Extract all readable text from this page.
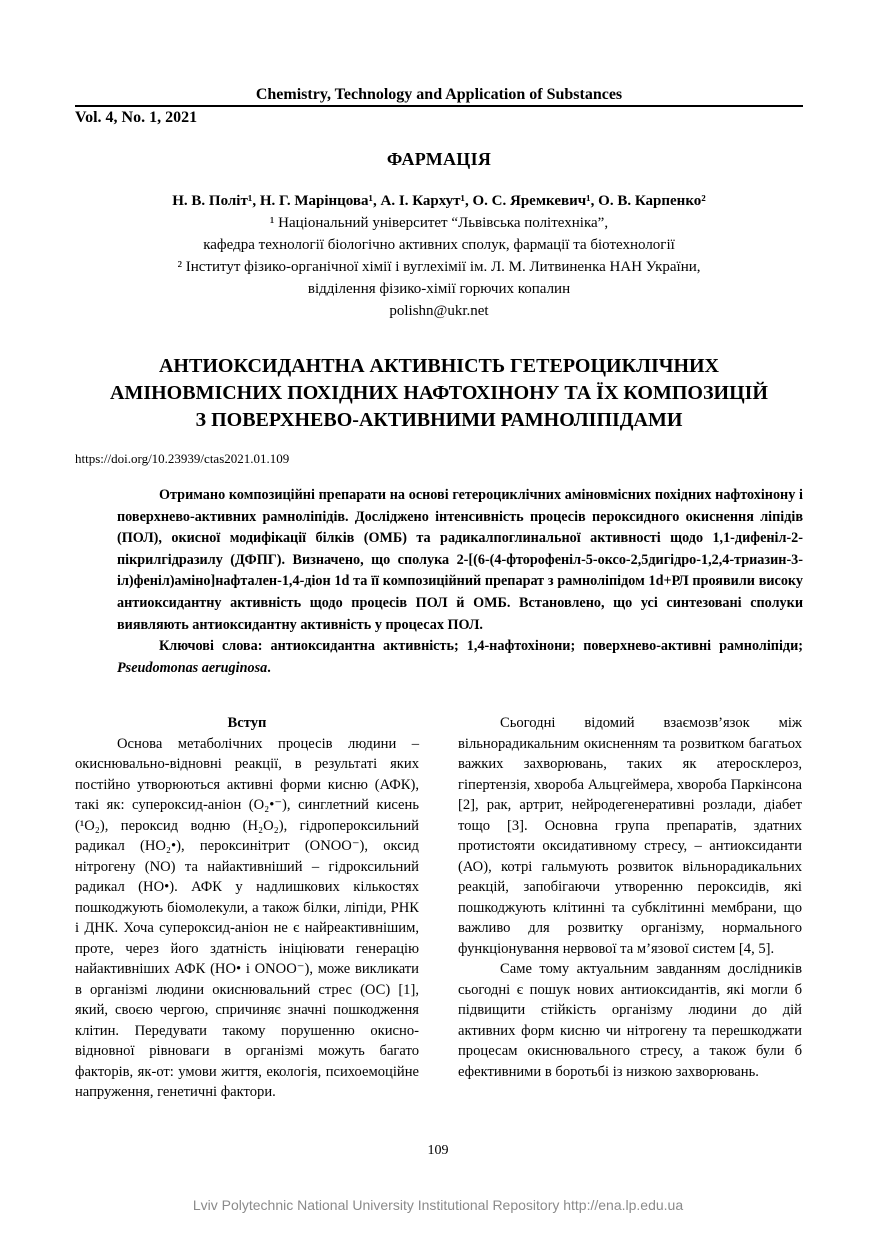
Chemistry, Technology and Application of Substances
Vol. 4, No. 1, 2021
ФАРМАЦІЯ
Н. В. Політ¹, Н. Г. Марінцова¹, А. І. Кархут¹, О. С. Яремкевич¹, О. В. Карпенко²
¹ Національний університет “Львівська політехніка”,
кафедра технології біологічно активних сполук, фармації та біотехнології
² Інститут фізико-органічної хімії і вуглехімії ім. Л. М. Литвиненка НАН України,
відділення фізико-хімії горючих копалин
polishn@ukr.net
АНТИОКСИДАНТНА АКТИВНІСТЬ ГЕТЕРОЦИКЛІЧНИХ
АМІНОВМІСНИХ ПОХІДНИХ НАФТОХІНОНУ ТА ЇХ КОМПОЗИЦІЙ
З ПОВЕРХНЕВО-АКТИВНИМИ РАМНОЛІПІДАМИ
https://doi.org/10.23939/ctas2021.01.109

Отримано композиційні препарати на основі гетероциклічних аміновмісних похідних нафтохінону і поверхнево-активних рамноліпідів. Досліджено інтенсивність процесів пероксидного окиснення ліпідів (ПОЛ), окисної модифікації білків (ОМБ) та радикалпоглинальної активності щодо 1,1-дифеніл-2-пікрилгідразилу (ДФПГ). Визначено, що сполука 2-[(6-(4-фторофеніл-5-оксо-2,5дигідро-1,2,4-триазин-3-іл)феніл)аміно]нафтален-1,4-діон 1d та її композиційний препарат з рамноліпідом 1d+РЛ проявили високу антиоксидантну активність щодо процесів ПОЛ й ОМБ. Встановлено, що усі синтезовані сполуки виявляють антиоксидантну активність у процесах ПОЛ.

Ключові слова: антиоксидантна активність; 1,4-нафтохінони; поверхнево-активні рамноліпіди; Pseudomonas aeruginosa.

Вступ

Основа метаболічних процесів людини – окиснювально-відновні реакції, в результаті яких постійно утворюються активні форми кисню (АФК), такі як: супероксид-аніон (O₂•⁻), синглетний кисень (¹O₂), пероксид водню (H₂O₂), гідропероксильний радикал (HO₂•), пероксинітрит (ONOO⁻), оксид нітрогену (NO) та найактивніший – гідроксильний радикал (HO•). АФК у надлишкових кількостях пошкоджують біомолекули, а також білки, ліпіди, РНК і ДНК. Хоча супероксид-аніон не є найреактивнішим, проте, через його здатність ініціювати генерацію найактивніших АФК (HO• і ONOO⁻), може викликати в організмі людини окиснювальний стрес (ОС) [1], який, своєю чергою, спричиняє значні пошкодження клітин. Передувати такому порушенню окисно-відновної рівноваги в організмі можуть багато факторів, як-от: умови життя, екологія, психоемоційне напруження, генетичні фактори.

Сьогодні відомий взаємозв’язок між вільнорадикальним окисненням та розвитком багатьох важких захворювань, таких як атеросклероз, гіпертензія, хвороба Альцгеймера, хвороба Паркінсона [2], рак, артрит, нейродегенеративні розлади, діабет тощо [3]. Основна група препаратів, здатних протистояти оксидативному стресу, – антиоксиданти (АО), котрі гальмують розвиток вільнорадикальних реакцій, запобігаючи утворенню пероксидів, які пошкоджують клітинні та субклітинні мембрани, що важливо для розвитку організму, нормального функціонування нервової та м’язової систем [4, 5].

Саме тому актуальним завданням дослідників сьогодні є пошук нових антиоксидантів, які могли б підвищити стійкість організму людини до дій активних форм кисню чи нітрогену та перешкоджати процесам окиснювального стресу, а також були б ефективними в боротьбі із низкою захворювань.

109
Lviv Polytechnic National University Institutional Repository http://ena.lp.edu.ua
